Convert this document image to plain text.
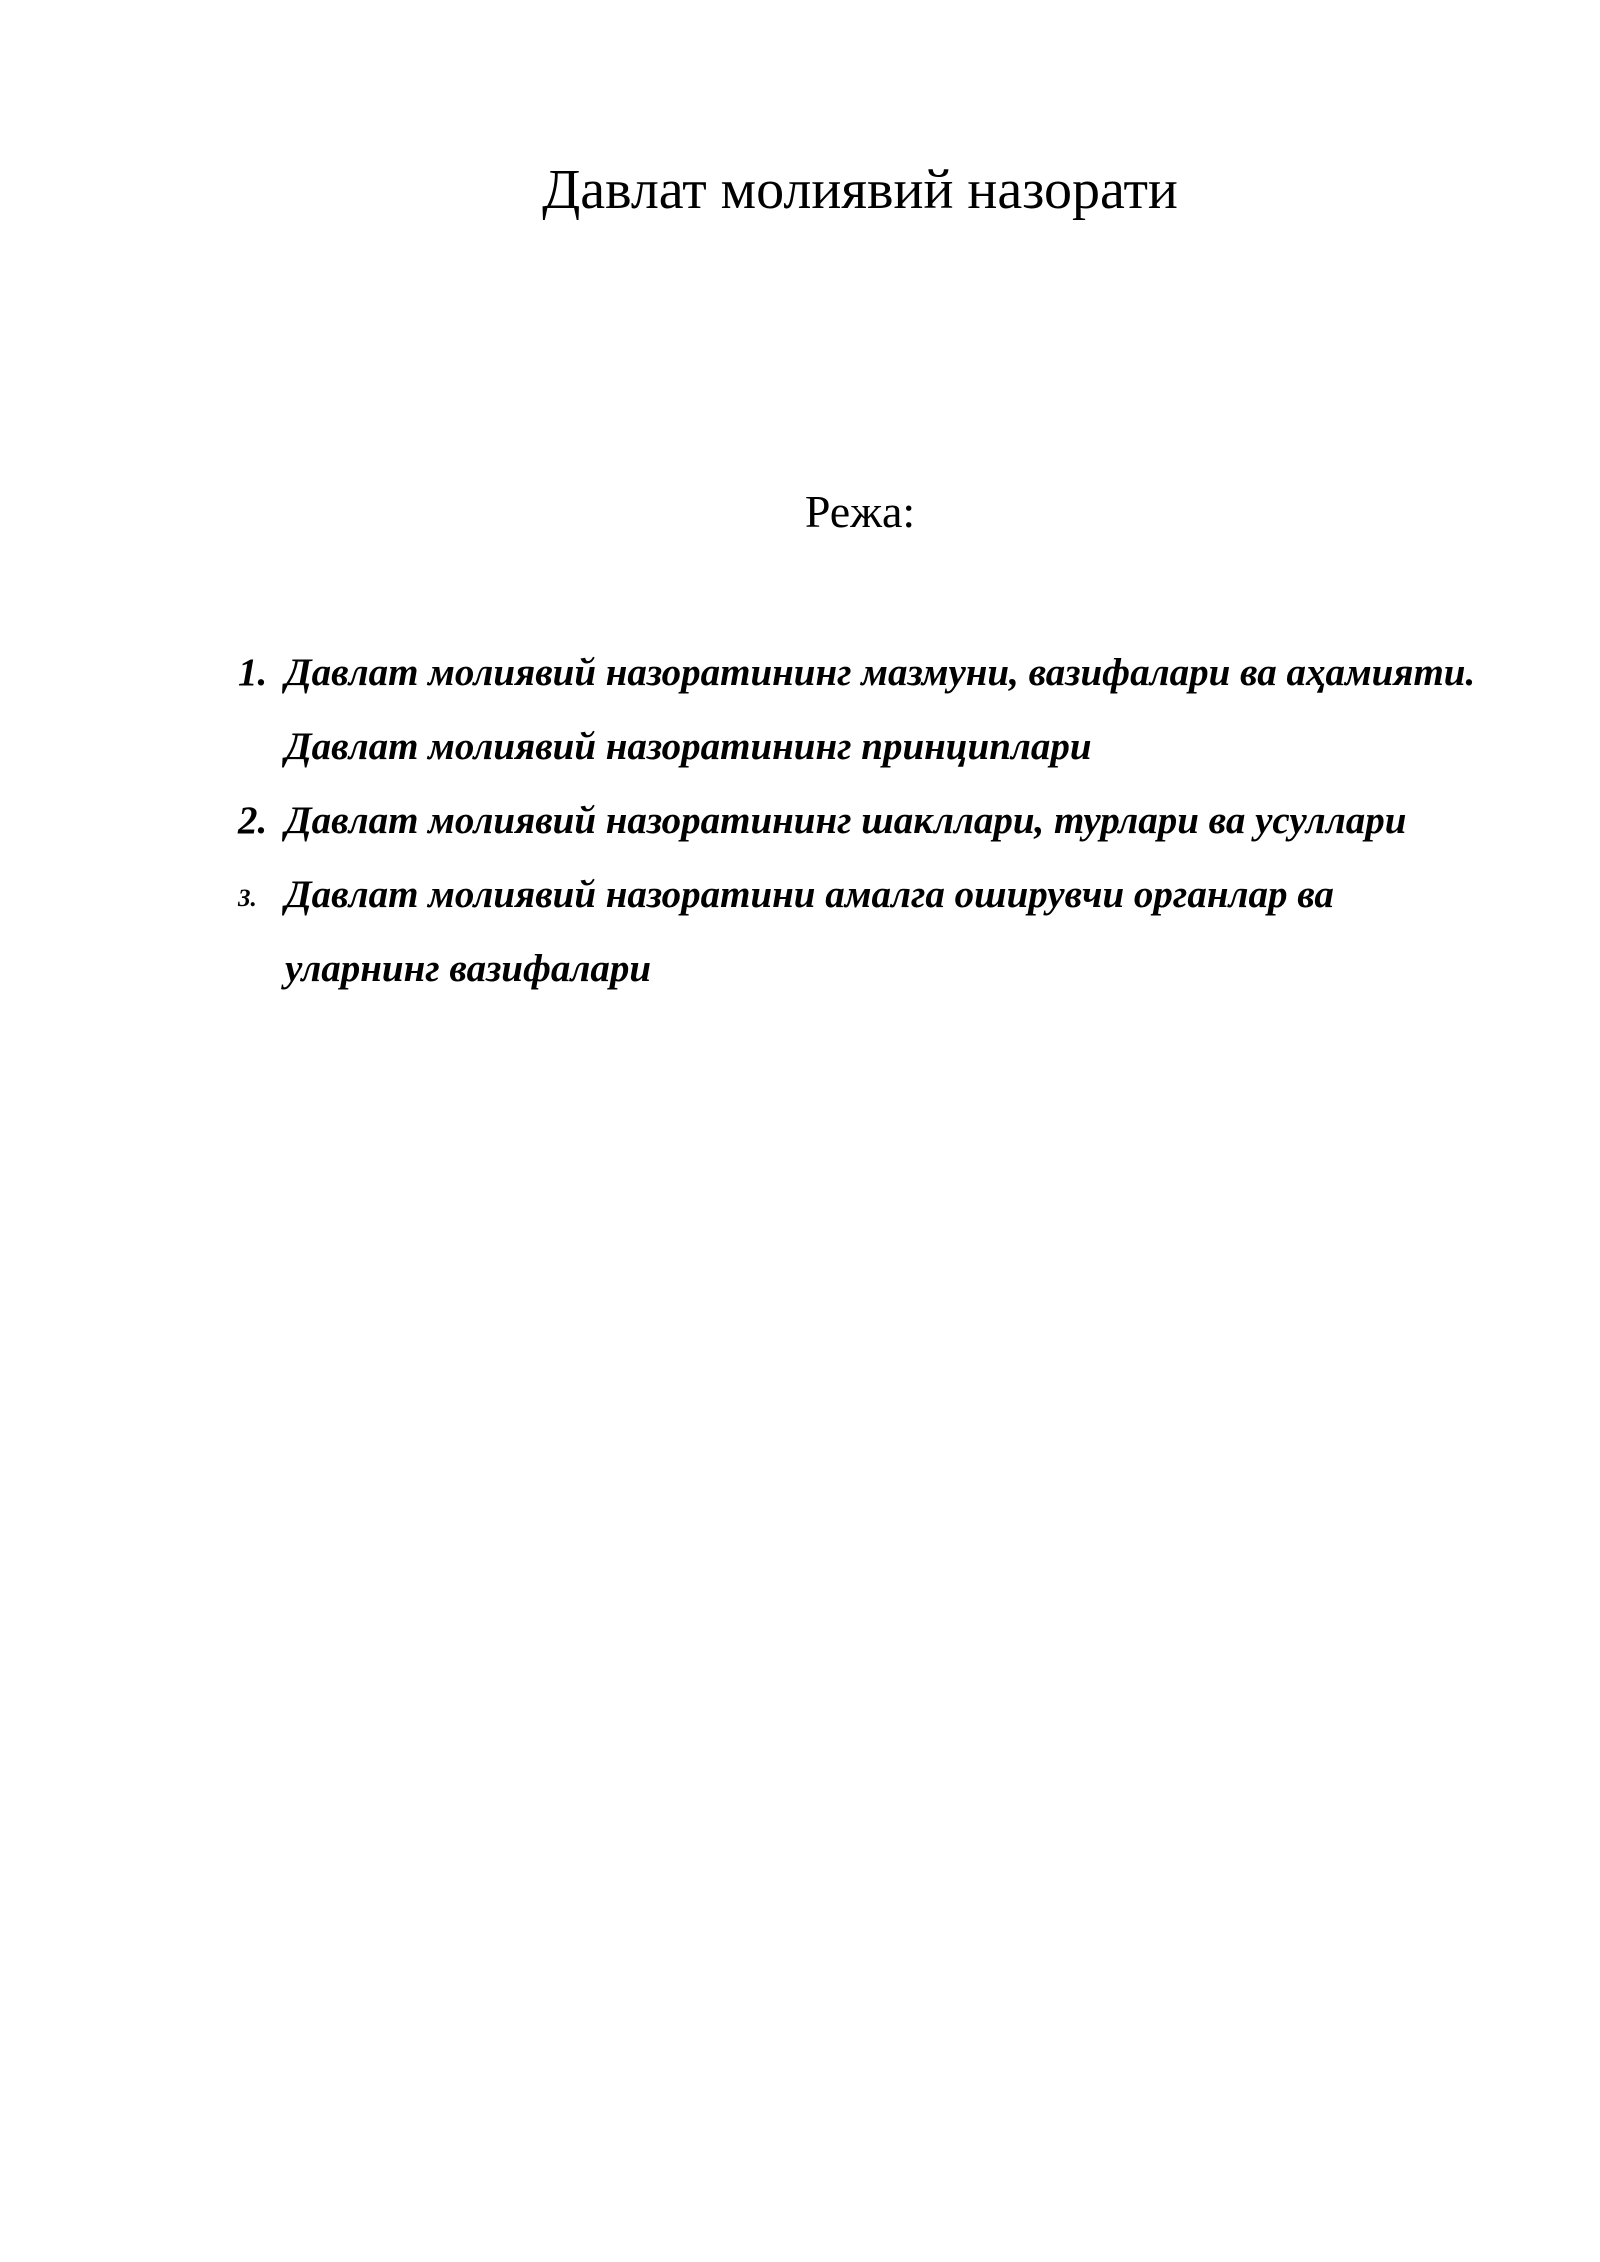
Давлат молиявий назорати

Режа:

1. Давлат молиявий назоратининг мазмуни, вазифалари ва аҳамияти. Давлат молиявий назоратининг принциплари
2. Давлат молиявий назоратининг шакллари, турлари ва усуллари
3. Давлат молиявий назоратини амалга оширувчи органлар ва уларнинг вазифалари
